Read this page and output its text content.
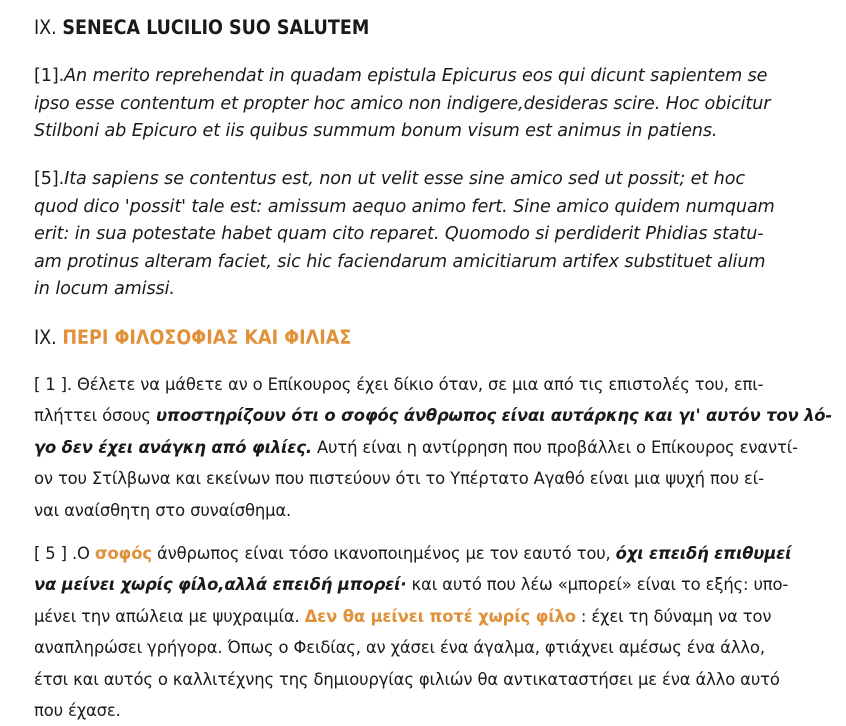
IX. SENECA LUCILIO SUO SALUTEM

[1].An merito reprehendat in quadam epistula Epicurus eos qui dicunt sapientem se
ipso esse contentum et propter hoc amico non indigere,desideras scire. Hoc obicitur
Stilboni ab Epicuro et iis quibus summum bonum visum est animus in patiens.

[5].Ita sapiens se contentus est, non ut velit esse sine amico sed ut possit; et hoc
quod dico 'possit' tale est: amissum aequo animo fert. Sine amico quidem numquam
erit: in sua potestate habet quam cito reparet. Quomodo si perdiderit Phidias statu-
am protinus alteram faciet, sic hic faciendarum amicitiarum artifex substituet alium
in locum amissi.

IX. ΠΕΡΙ ΦΙΛΟΣΟΦΙΑΣ ΚΑΙ ΦΙΛΙΑΣ

[ 1 ]. Θέλετε να μάθετε αν ο Επίκουρος έχει δίκιο όταν, σε μια από τις επιστολές του, επι-
πλήττει όσους υποστηρίζουν ότι ο σοφός άνθρωπος είναι αυτάρκης και γι' αυτόν τον λό-
γο δεν έχει ανάγκη από φιλίες. Αυτή είναι η αντίρρηση που προβάλλει ο Επίκουρος εναντί-
ον του Στίλβωνα και εκείνων που πιστεύουν ότι το Υπέρτατο Αγαθό είναι μια ψυχή που εί-
ναι αναίσθητη στο συναίσθημα.

[ 5 ] .Ο σοφός άνθρωπος είναι τόσο ικανοποιημένος με τον εαυτό του, όχι επειδή επιθυμεί
να μείνει χωρίς φίλο,αλλά επειδή μπορεί· και αυτό που λέω «μπορεί» είναι το εξής: υπο-
μένει την απώλεια με ψυχραιμία. Δεν θα μείνει ποτέ χωρίς φίλο : έχει τη δύναμη να τον
αναπληρώσει γρήγορα. Όπως ο Φειδίας, αν χάσει ένα άγαλμα, φτιάχνει αμέσως ένα άλλο,
έτσι και αυτός ο καλλιτέχνης της δημιουργίας φιλιών θα αντικαταστήσει με ένα άλλο αυτό
που έχασε.
